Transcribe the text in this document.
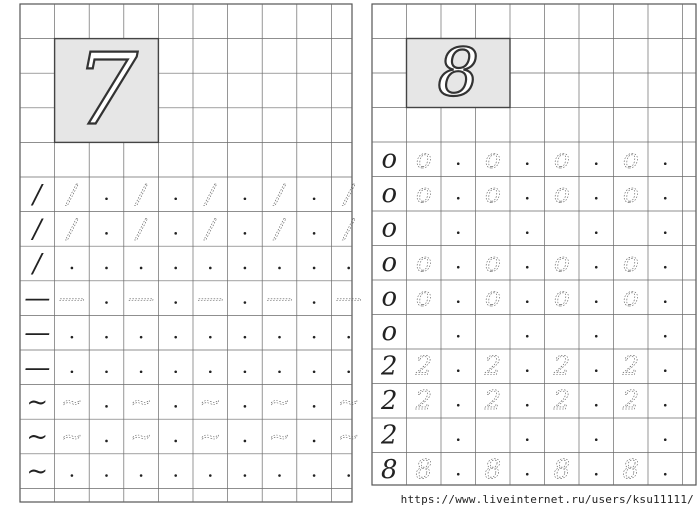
7
/ / / / / /
/ / / / / /
/
— — — — — —
—
—
~ ~ ~ ~ ~ ~
~ ~ ~ ~ ~ ~
~
8
o o o o o
o o o o o
o
o o o o o
o o o o o
o
2 2 2 2 2
2 2 2 2 2
2
8 8 8 8 8
https://www.liveinternet.ru/users/ksu11111/
